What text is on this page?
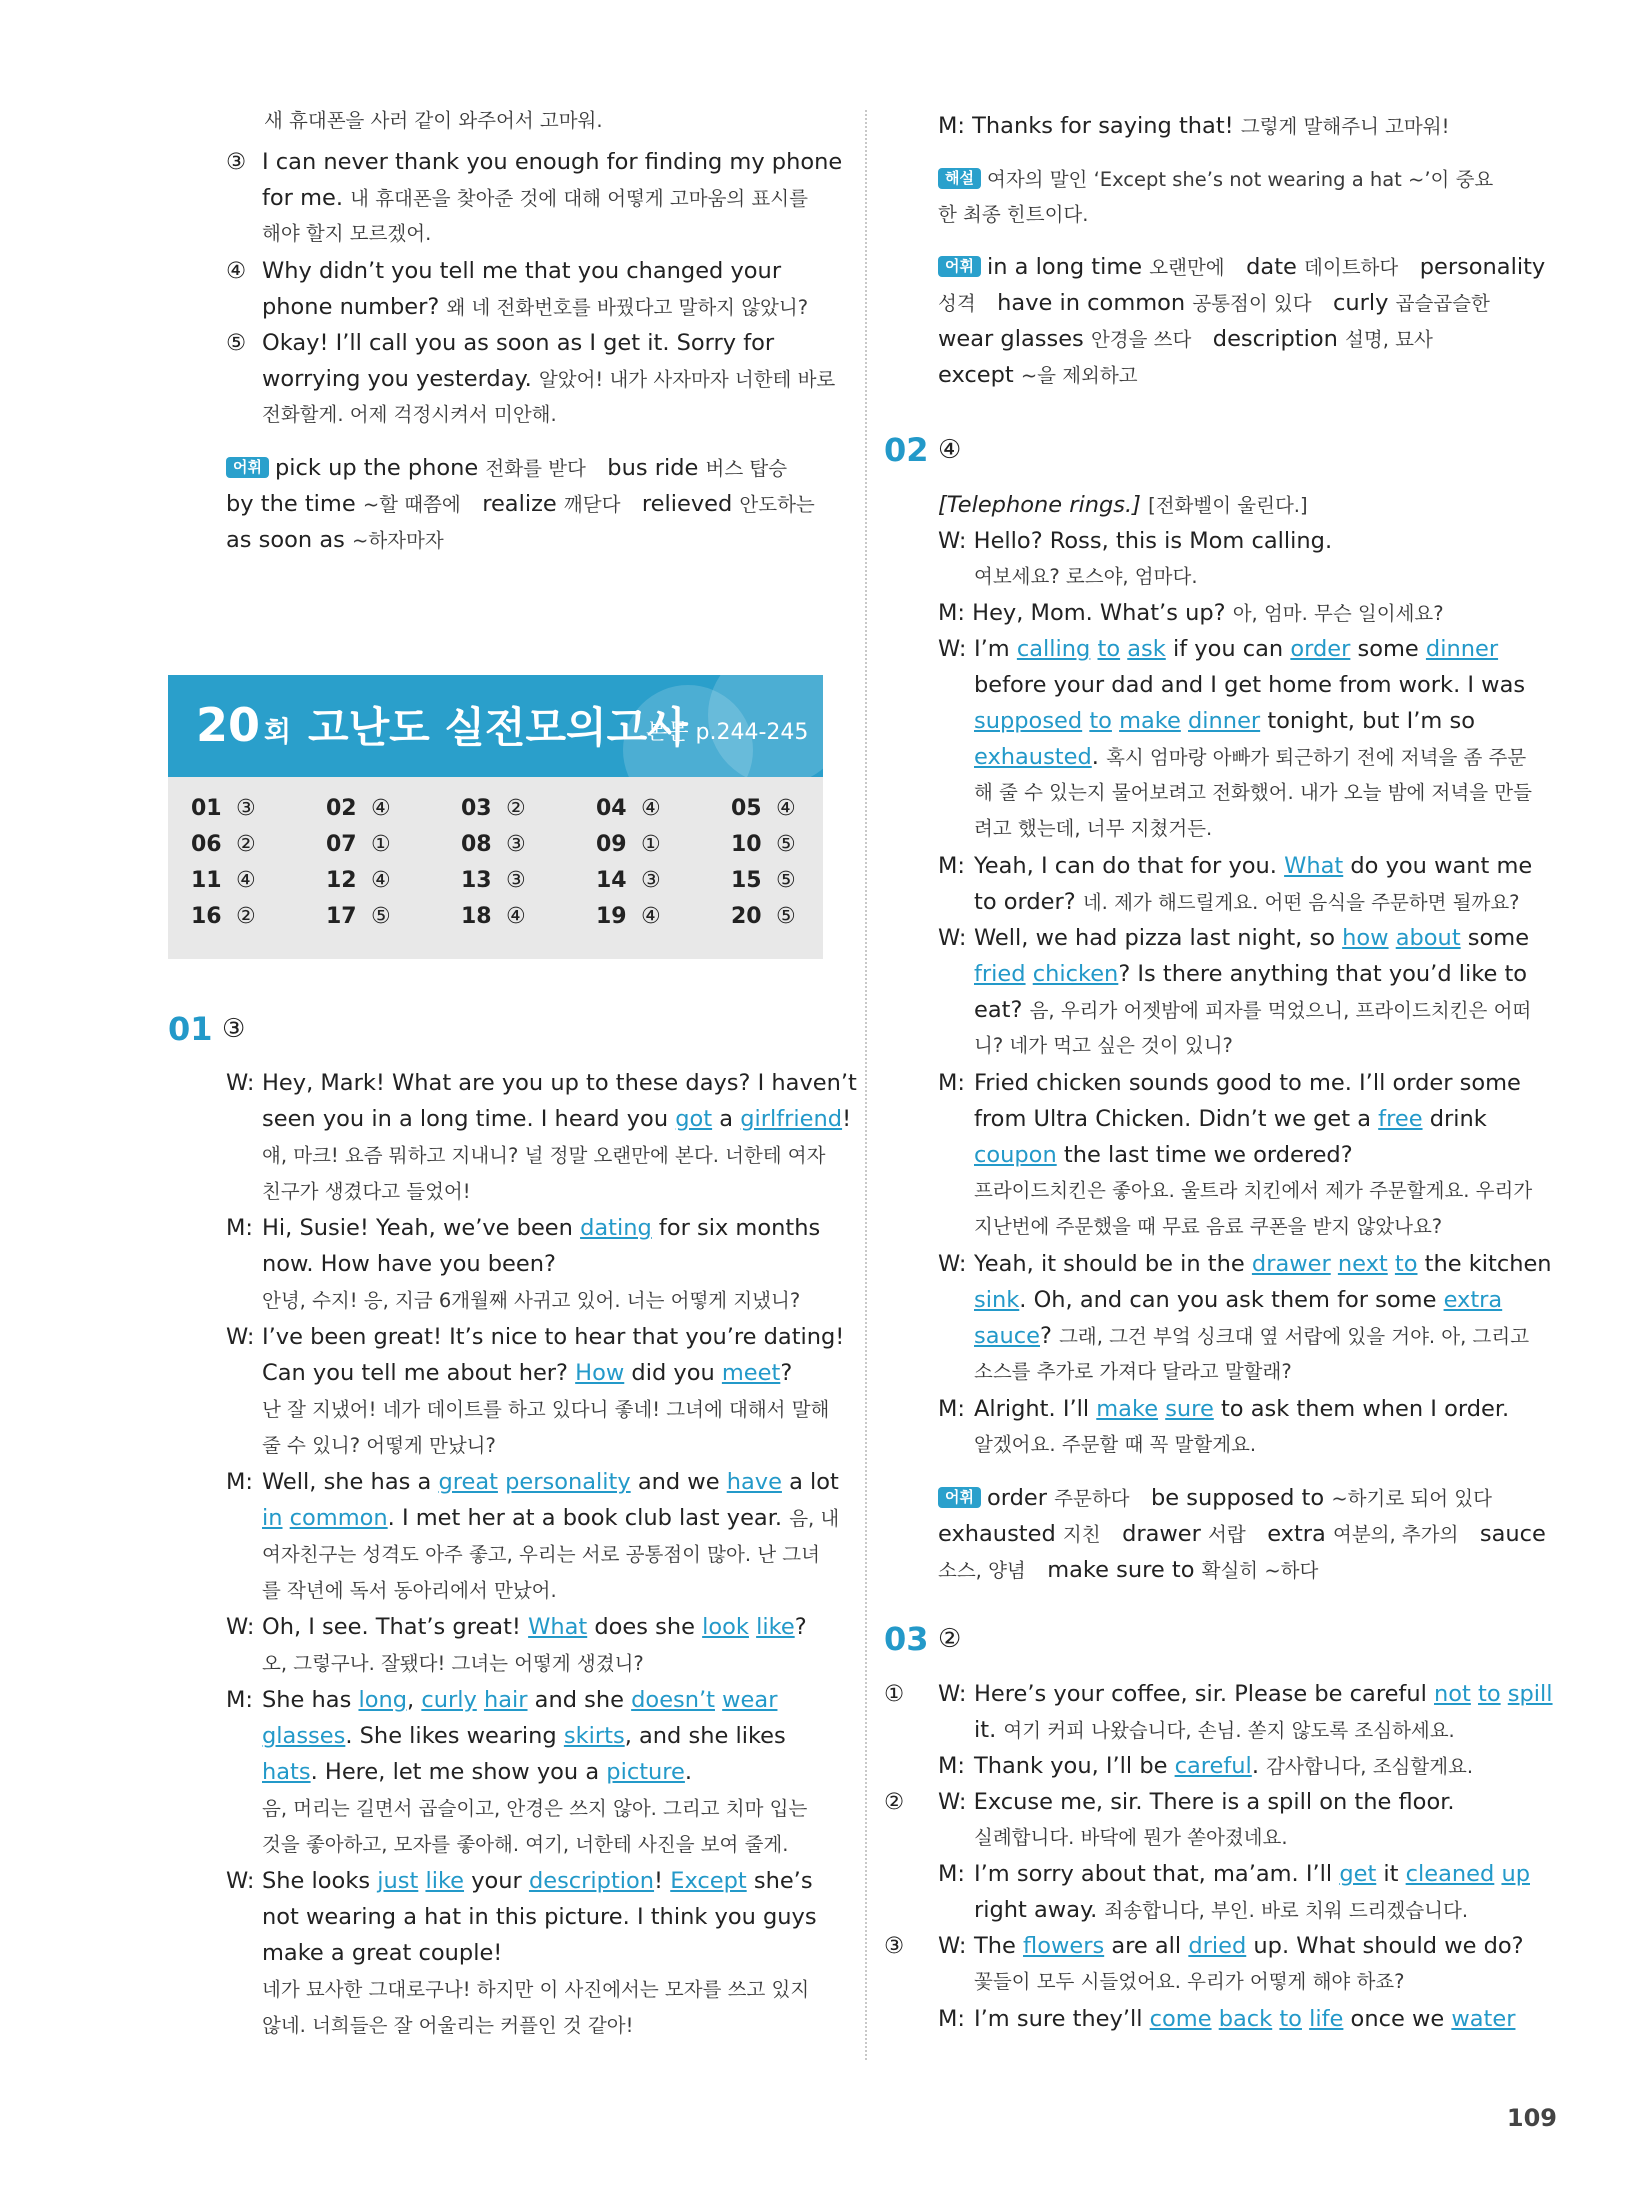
새 휴대폰을 사러 같이 와주어서 고마워.
③ I can never thank you enough for finding my phone
for me. 내 휴대폰을 찾아준 것에 대해 어떻게 고마움의 표시를
해야 할지 모르겠어.
④ Why didn’t you tell me that you changed your
phone number? 왜 네 전화번호를 바꿨다고 말하지 않았니?
⑤ Okay! I’ll call you as soon as I get it. Sorry for
worrying you yesterday. 알았어! 내가 사자마자 너한테 바로
전화할게. 어제 걱정시켜서 미안해.
어휘 pick up the phone 전화를 받다 bus ride 버스 탑승
by the time ~할 때쯤에 realize 깨닫다 relieved 안도하는
as soon as ~하자마자
20 회 고난도 실전모의고사
본문 p.244-245
01 ③	02 ④	03 ②	04 ④	05 ④
06 ②	07 ①	08 ③	09 ①	10 ⑤
11 ④	12 ④	13 ③	14 ③	15 ⑤
16 ②	17 ⑤	18 ④	19 ④	20 ⑤
01 ③
W: Hey, Mark! What are you up to these days? I haven’t
seen you in a long time. I heard you got a girlfriend!
얘, 마크! 요즘 뭐하고 지내니? 널 정말 오랜만에 본다. 너한테 여자
친구가 생겼다고 들었어!
M: Hi, Susie! Yeah, we’ve been dating for six months
now. How have you been?
안녕, 수지! 응, 지금 6개월째 사귀고 있어. 너는 어떻게 지냈니?
W: I’ve been great! It’s nice to hear that you’re dating!
Can you tell me about her? How did you meet?
난 잘 지냈어! 네가 데이트를 하고 있다니 좋네! 그녀에 대해서 말해
줄 수 있니? 어떻게 만났니?
M: Well, she has a great personality and we have a lot
in common. I met her at a book club last year. 음, 내
여자친구는 성격도 아주 좋고, 우리는 서로 공통점이 많아. 난 그녀
를 작년에 독서 동아리에서 만났어.
W: Oh, I see. That’s great! What does she look like?
오, 그렇구나. 잘됐다! 그녀는 어떻게 생겼니?
M: She has long, curly hair and she doesn’t wear
glasses. She likes wearing skirts, and she likes
hats. Here, let me show you a picture.
음, 머리는 길면서 곱슬이고, 안경은 쓰지 않아. 그리고 치마 입는
것을 좋아하고, 모자를 좋아해. 여기, 너한테 사진을 보여 줄게.
W: She looks just like your description! Except she’s
not wearing a hat in this picture. I think you guys
make a great couple!
네가 묘사한 그대로구나! 하지만 이 사진에서는 모자를 쓰고 있지
않네. 너희들은 잘 어울리는 커플인 것 같아!
M: Thanks for saying that! 그렇게 말해주니 고마워!
해설 여자의 말인 ‘Except she’s not wearing a hat ~’이 중요
한 최종 힌트이다.
어휘 in a long time 오랜만에 date 데이트하다 personality
성격 have in common 공통점이 있다 curly 곱슬곱슬한
wear glasses 안경을 쓰다 description 설명, 묘사
except ~을 제외하고
02 ④
[Telephone rings.] [전화벨이 울린다.]
W: Hello? Ross, this is Mom calling.
여보세요? 로스야, 엄마다.
M: Hey, Mom. What’s up? 아, 엄마. 무슨 일이세요?
W: I’m calling to ask if you can order some dinner
before your dad and I get home from work. I was
supposed to make dinner tonight, but I’m so
exhausted. 혹시 엄마랑 아빠가 퇴근하기 전에 저녁을 좀 주문
해 줄 수 있는지 물어보려고 전화했어. 내가 오늘 밤에 저녁을 만들
려고 했는데, 너무 지쳤거든.
M: Yeah, I can do that for you. What do you want me
to order? 네. 제가 해드릴게요. 어떤 음식을 주문하면 될까요?
W: Well, we had pizza last night, so how about some
fried chicken? Is there anything that you’d like to
eat? 음, 우리가 어젯밤에 피자를 먹었으니, 프라이드치킨은 어떠
니? 네가 먹고 싶은 것이 있니?
M: Fried chicken sounds good to me. I’ll order some
from Ultra Chicken. Didn’t we get a free drink
coupon the last time we ordered?
프라이드치킨은 좋아요. 울트라 치킨에서 제가 주문할게요. 우리가
지난번에 주문했을 때 무료 음료 쿠폰을 받지 않았나요?
W: Yeah, it should be in the drawer next to the kitchen
sink. Oh, and can you ask them for some extra
sauce? 그래, 그건 부엌 싱크대 옆 서랍에 있을 거야. 아, 그리고
소스를 추가로 가져다 달라고 말할래?
M: Alright. I’ll make sure to ask them when I order.
알겠어요. 주문할 때 꼭 말할게요.
어휘 order 주문하다 be supposed to ~하기로 되어 있다
exhausted 지친 drawer 서랍 extra 여분의, 추가의 sauce
소스, 양념 make sure to 확실히 ~하다
03 ②
① W: Here’s your coffee, sir. Please be careful not to spill
it. 여기 커피 나왔습니다, 손님. 쏟지 않도록 조심하세요.
M: Thank you, I’ll be careful. 감사합니다, 조심할게요.
② W: Excuse me, sir. There is a spill on the floor.
실례합니다. 바닥에 뭔가 쏟아졌네요.
M: I’m sorry about that, ma’am. I’ll get it cleaned up
right away. 죄송합니다, 부인. 바로 치워 드리겠습니다.
③ W: The flowers are all dried up. What should we do?
꽃들이 모두 시들었어요. 우리가 어떻게 해야 하죠?
M: I’m sure they’ll come back to life once we water
109
